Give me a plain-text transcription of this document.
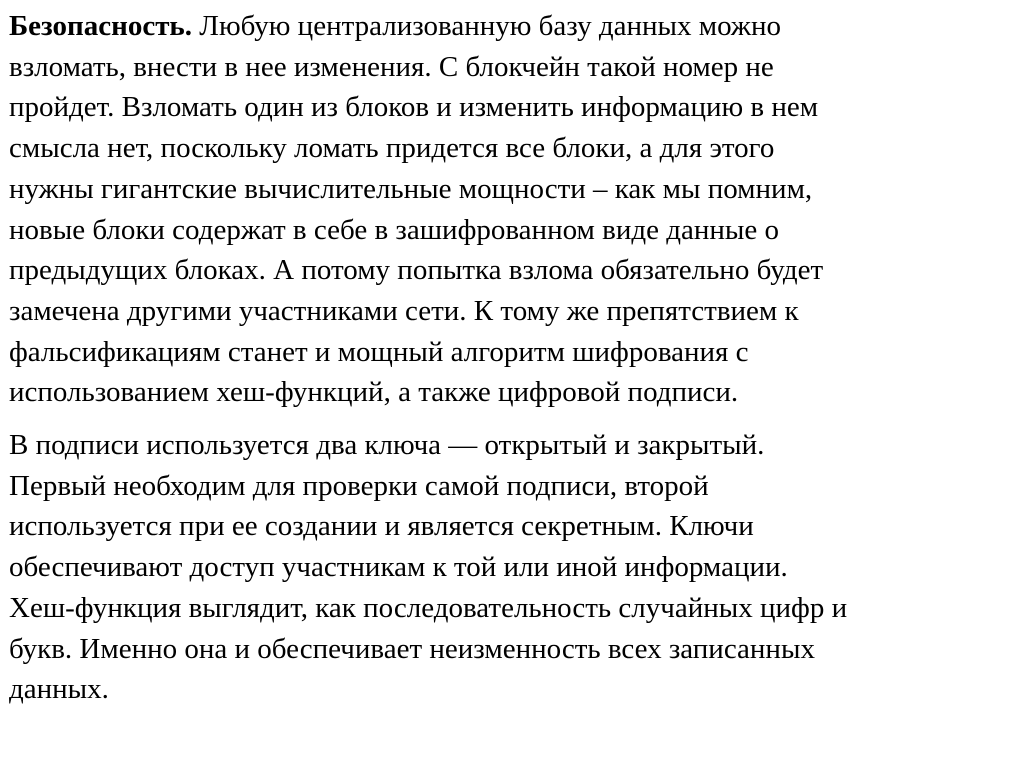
Безопасность. Любую централизованную базу данных можно
взломать, внести в нее изменения. С блокчейн такой номер не
пройдет. Взломать один из блоков и изменить информацию в нем
смысла нет, поскольку ломать придется все блоки, а для этого
нужны гигантские вычислительные мощности – как мы помним,
новые блоки содержат в себе в зашифрованном виде данные о
предыдущих блоках. А потому попытка взлома обязательно будет
замечена другими участниками сети. К тому же препятствием к
фальсификациям станет и мощный алгоритм шифрования с
использованием хеш-функций, а также цифровой подписи.

В подписи используется два ключа — открытый и закрытый.
Первый необходим для проверки самой подписи, второй
используется при ее создании и является секретным. Ключи
обеспечивают доступ участникам к той или иной информации.
Хеш-функция выглядит, как последовательность случайных цифр и
букв. Именно она и обеспечивает неизменность всех записанных
данных.
